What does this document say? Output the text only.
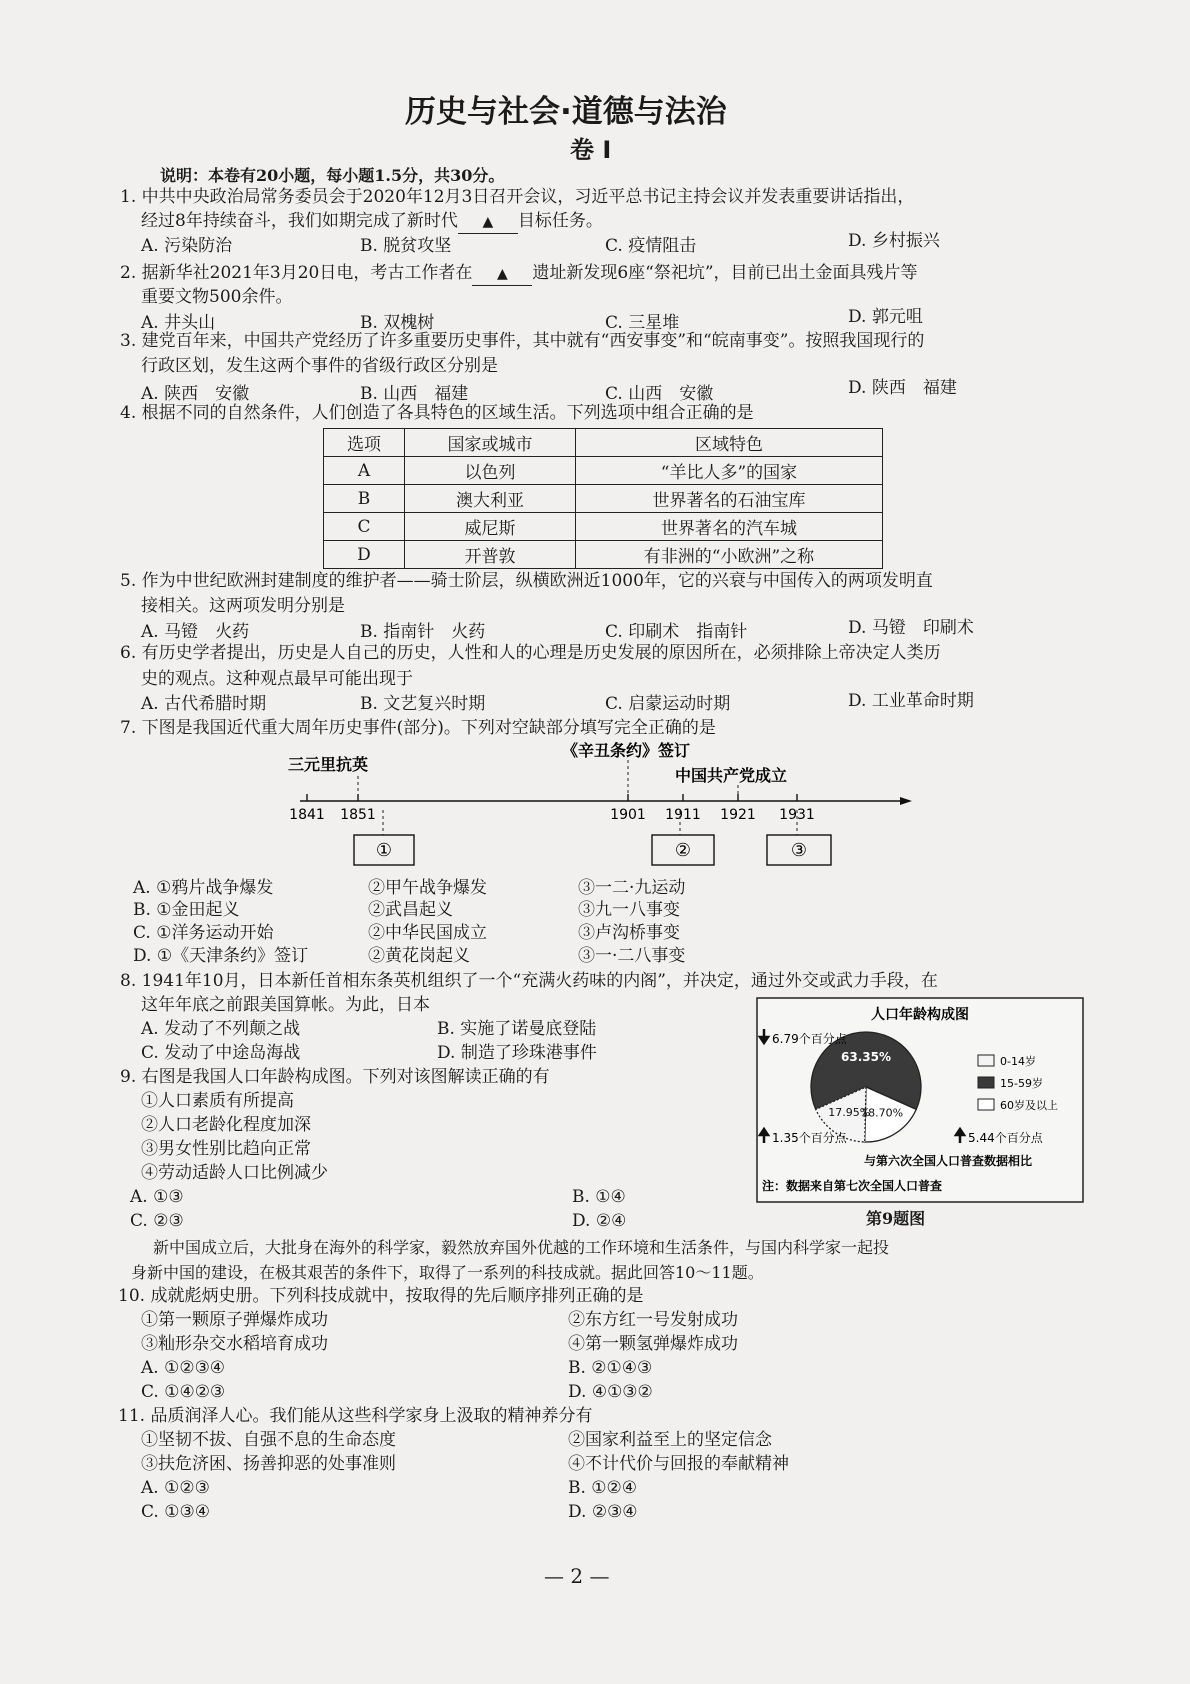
历史与社会·道德与法治
卷 Ⅰ
说明：本卷有20小题，每小题1.5分，共30分。
1. 中共中央政治局常务委员会于2020年12月3日召开会议，习近平总书记主持会议并发表重要讲话指出，
经过8年持续奋斗，我们如期完成了新时代 ▲ 目标任务。
A. 污染防治	B. 脱贫攻坚	C. 疫情阻击	D. 乡村振兴
2. 据新华社2021年3月20日电，考古工作者在 ▲ 遗址新发现6座“祭祀坑”，目前已出土金面具残片等
重要文物500余件。
A. 井头山	B. 双槐树	C. 三星堆	D. 郭元咀
3. 建党百年来，中国共产党经历了许多重要历史事件，其中就有“西安事变”和“皖南事变”。按照我国现行的
行政区划，发生这两个事件的省级行政区分别是
A. 陕西　安徽	B. 山西　福建	C. 山西　安徽	D. 陕西　福建
4. 根据不同的自然条件，人们创造了各具特色的区域生活。下列选项中组合正确的是
选项	国家或城市	区域特色
A	以色列	“羊比人多”的国家
B	澳大利亚	世界著名的石油宝库
C	威尼斯	世界著名的汽车城
D	开普敦	有非洲的“小欧洲”之称
5. 作为中世纪欧洲封建制度的维护者——骑士阶层，纵横欧洲近1000年，它的兴衰与中国传入的两项发明直
接相关。这两项发明分别是
A. 马镫　火药	B. 指南针　火药	C. 印刷术　指南针	D. 马镫　印刷术
6. 有历史学者提出，历史是人自己的历史，人性和人的心理是历史发展的原因所在，必须排除上帝决定人类历
史的观点。这种观点最早可能出现于
A. 古代希腊时期	B. 文艺复兴时期	C. 启蒙运动时期	D. 工业革命时期
7. 下图是我国近代重大周年历史事件(部分)。下列对空缺部分填写完全正确的是
三元里抗英
《辛丑条约》签订
中国共产党成立
1841 1851	1901 1911 1921 1931
①	②	③
A. ①鸦片战争爆发	②甲午战争爆发	③一二·九运动
B. ①金田起义	②武昌起义	③九一八事变
C. ①洋务运动开始	②中华民国成立	③卢沟桥事变
D. ①《天津条约》签订	②黄花岗起义	③一·二八事变
8. 1941年10月，日本新任首相东条英机组织了一个“充满火药味的内阁”，并决定，通过外交或武力手段，在
这年年底之前跟美国算帐。为此，日本
A. 发动了不列颠之战	B. 实施了诺曼底登陆
C. 发动了中途岛海战	D. 制造了珍珠港事件
9. 右图是我国人口年龄构成图。下列对该图解读正确的有
①人口素质有所提高
②人口老龄化程度加深
③男女性别比趋向正常
④劳动适龄人口比例减少
A. ①③	B. ①④
C. ②③	D. ②④
人口年龄构成图
17.95%
63.35%
18.70%
0-14岁
15-59岁
60岁及以上
6.79个百分点
1.35个百分点	5.44个百分点
与第六次全国人口普查数据相比
注：数据来自第七次全国人口普查
第9题图
新中国成立后，大批身在海外的科学家，毅然放弃国外优越的工作环境和生活条件，与国内科学家一起投
身新中国的建设，在极其艰苦的条件下，取得了一系列的科技成就。据此回答10～11题。
10. 成就彪炳史册。下列科技成就中，按取得的先后顺序排列正确的是
①第一颗原子弹爆炸成功	②东方红一号发射成功
③籼形杂交水稻培育成功	④第一颗氢弹爆炸成功
A. ①②③④	B. ②①④③
C. ①④②③	D. ④①③②
11. 品质润泽人心。我们能从这些科学家身上汲取的精神养分有
①坚韧不拔、自强不息的生命态度	②国家利益至上的坚定信念
③扶危济困、扬善抑恶的处事准则	④不计代价与回报的奉献精神
A. ①②③	B. ①②④
C. ①③④	D. ②③④
— 2 —
